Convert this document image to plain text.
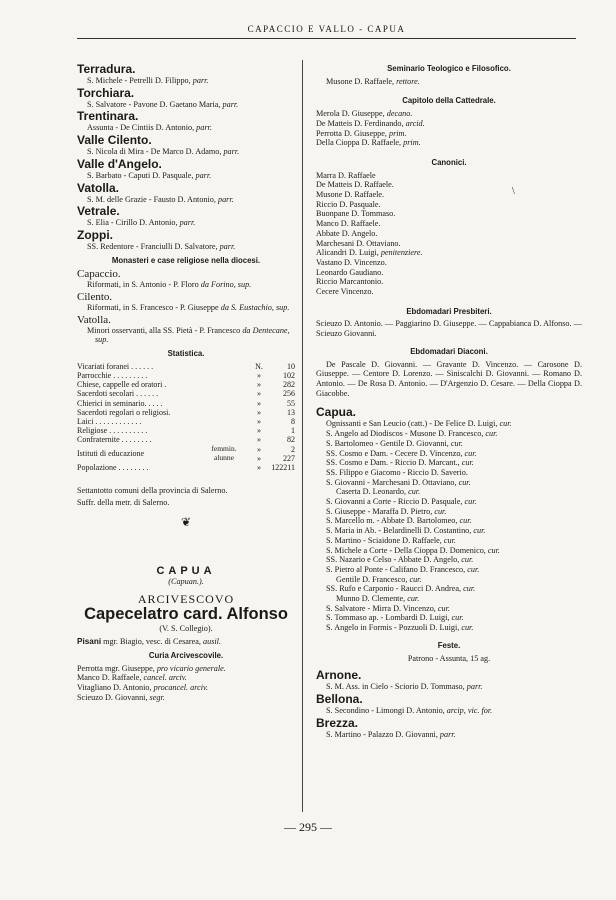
CAPACCIO E VALLO - CAPUA
Terradura.
S. Michele - Petrelli D. Filippo, parr.
Torchiara.
S. Salvatore - Pavone D. Gaetano Maria, parr.
Trentinara.
Assunta - De Cintiis D. Antonio, parr.
Valle Cilento.
S. Nicola di Mira - De Marco D. Adamo, parr.
Valle d'Angelo.
S. Barbato - Caputi D. Pasquale, parr.
Vatolla.
S. M. delle Grazie - Fausto D. Antonio, parr.
Vetrale.
S. Elia - Cirillo D. Antonio, parr.
Zoppi.
SS. Redentore - Franciulli D. Salvatore, parr.
Monasteri e case religiose nella diocesi.
Capaccio.
Riformati, in S. Antonio - P. Floro da Forino, sup.
Cilento.
Riformati, in S. Francesco - P. Giuseppe da S. Eustachio, sup.
Vatolla.
Minori osservanti, alla SS. Pietà - P. Francesco da Dentecane, sup.
Statistica.
Vicariati foranei . . . . . .		N.	10
Parrocchie . . . . . . . . .		»	102
Chiese, cappelle ed oratori .		»	282
Sacerdoti secolari . . . . . .		»	256
Chierici in seminario. . . . .		»	55
Sacerdoti regolari o religiosi.		»	13
Laici . . . . . . . . . . . .		»	8
Religiose . . . . . . . . . .		»	1
Confraternite . . . . . . . .		»	82
Istituti di educazione	femmin.	»	2
	alunne	»	227
Popolazione . . . . . . . .		»	122211
Settantotto comuni della provincia di Salerno.
Suffr. della metr. di Salerno.
❦
CAPUA
(Capuan.).
ARCIVESCOVO
Capecelatro card. Alfonso
(V. S. Collegio).
Pisani mgr. Biagio, vesc. di Cesarea, ausil.
Curia Arcivescovile.
Perrotta mgr. Giuseppe, pro vicario generale.
Manco D. Raffaele, cancel. arciv.
Vitagliano D. Antonio, procancel. arciv.
Scieuzo D. Giovanni, segr.
Seminario Teologico e Filosofico.
Musone D. Raffaele, rettore.
Capitolo della Cattedrale.
Merola D. Giuseppe, decano.
De Matteis D. Ferdinando, arcid.
Perrotta D. Giuseppe, prim.
Della Cioppa D. Raffaele, prim.
Canonici.
Marra D. Raffaele
De Matteis D. Raffaele.
Musone D. Raffaele.
Riccio D. Pasquale.
Buonpane D. Tommaso.
Manco D. Raffaele.
Abbate D. Angelo.
Marchesani D. Ottaviano.
Alicandri D. Luigi, penitenziere.
Vastano D. Vincenzo.
Leonardo Gaudiano.
Riccio Marcantonio.
Cecere Vincenzo.
Ebdomadari Presbiteri.
Scieuzo D. Antonio. — Paggiarino D. Giuseppe. — Cappabianca D. Alfonso. — Scieuzo Giovanni.
Ebdomadari Diaconi.
De Pascale D. Giovanni. — Gravante D. Vincenzo. — Carosone D. Giuseppe. — Centore D. Lorenzo. — Siniscalchi D. Giovanni. — Romano D. Antonio. — De Rosa D. Antonio. — D'Argenzio D. Cesare. — Della Cioppa D. Giacobbe.
Capua.
Ognissanti e San Leucio (catt.) - De Felice D. Luigi, cur.
S. Angelo ad Diodiscos - Musone D. Francesco, cur.
S. Bartolomeo - Gentile D. Giovanni, cur.
SS. Cosmo e Dam. - Cecere D. Vincenzo, cur.
SS. Cosmo e Dam. - Riccio D. Marcant., cur.
SS. Filippo e Giacomo - Riccio D. Saverio.
S. Giovanni - Marchesani D. Ottaviano, cur.
Caserta D. Leonardo, cur.
S. Giovanni a Corte - Riccio D. Pasquale, cur.
S. Giuseppe - Maraffa D. Pietro, cur.
S. Marcello m. - Abbate D. Bartolomeo, cur.
S. Maria in Ab. - Belardinelli D. Costantino, cur.
S. Martino - Sciaidone D. Raffaele, cur.
S. Michele a Corte - Della Cioppa D. Domenico, cur.
SS. Nazario e Celso - Abbate D. Angelo, cur.
S. Pietro al Ponte - Califano D. Francesco, cur.
Gentile D. Francesco, cur.
SS. Rufo e Carponio - Raucci D. Andrea, cur.
Munno D. Clemente, cur.
S. Salvatore - Mirra D. Vincenzo, cur.
S. Tommaso ap. - Lombardi D. Luigi, cur.
S. Angelo in Formis - Pozzuoli D. Luigi, cur.
Feste.
Patrono - Assunta, 15 ag.
Arnone.
S. M. Ass. in Cielo - Sciorio D. Tommaso, parr.
Bellona.
S. Secondino - Limongi D. Antonio, arcip, vic. for.
Brezza.
S. Martino - Palazzo D. Giovanni, parr.
\
— 295 —
